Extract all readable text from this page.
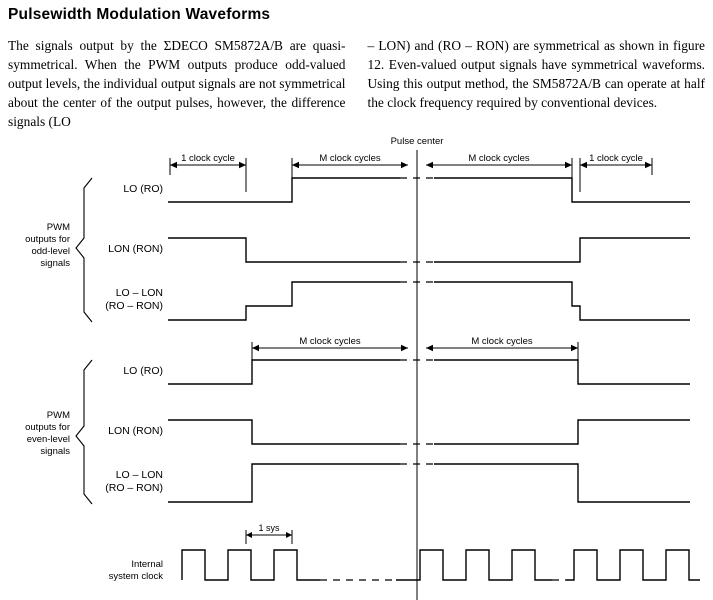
Pulsewidth Modulation Waveforms

The signals output by the ΣDECO SM5872A/B are quasi-symmetrical. When the PWM outputs produce odd-valued output levels, the individual output signals are not symmetrical about the center of the output pulses, however, the difference signals (LO

– LON) and (RO – RON) are symmetrical as shown in figure 12. Even-valued output signals have symmetrical waveforms. Using this output method, the SM5872A/B can operate at half the clock frequency required by conventional devices.

Pulse center
1 clock cycle	1 clock cycle
M clock cycles	M clock cycles
M clock cycles	M clock cycles
1 sys
LO (RO)
LON (RON)
LO – LON
(RO – RON)
LO (RO)
LON (RON)
LO – LON
(RO – RON)
PWM
outputs for
odd-level
signals
PWM
outputs for
even-level
signals
Internal
system clock
